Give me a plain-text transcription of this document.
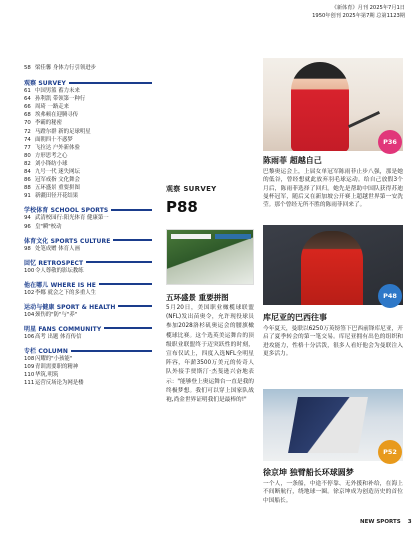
《新体育》月刊 2025年7月1日
1950年创刊 2025年第7期 总第1123期
58 梁佳馨 身体力行引领进步
观察 SURVEY
61 中国男篮 蓄力未来
64 孙利凯 带领第一种行
66 周琦 一路走来
68 埃弗顿在迎腾寻传
70 李霸的秘密
72 马蹬尔群 新的足球明星
74 面朝四十不惑梦
77 飞拉达 户外新体验
80 方形思考之心
82 刘小锋纺小球
84 九号一代 迷失网坛
86 冠军戒指 文化舞会
88 五环盛景 重要拼图
91 新疆田径开花结果
学校体育 SCHOOL SPORTS
94 武清校园行:阳光体育 健康第一
96 皇"瞬"校动
体育文化 SPORTS CULTURE
98 处笔成赠 体育人画
回忆 RETROSPECT
100令人尊敬的影坛教练
他在哪儿 WHERE IS HE
102李娜 就会之下的多重人生
运动与健康 SPORT & HEALTH
104颈伤的"防"与"养"
明星 FANS COMMUNITY
106高考 出题 体育传信
专栏 COLUMN
108闪耀的"小孩能"
109青训需要职的精神
110华筑,明筑
111运营反场论为网是楼
观察 SURVEY
P88
五环盛景 重要拼图
5月20日，美国职业橄榄球联盟(NFL)发出苗奥令，允许现役球员参加2028洛杉矶奥运会的腰旗橄榄球比赛。这个选英美运舞台的顶级职业联盟终于迈突跃性的时刻，宣布仅试上，四度入选NFL全明星阵容，年薪3500万美元的传奇人队外接手贾斯汀·杰斐逊兴奋地表示："能够登上奥运舞台一直是我的终极梦想。我们可以穿上国家队战袍,尚金世界证明我们是最棒的!"
P36
陈雨菲 超越自己
巴黎奥运会上，上届女单冠军陈雨菲止步八强，那是她的低谷，曾经想就此放弃羽毛球运动。给自己放假3个月后，陈雨菲选择了回归。她先是帮助中国队获得苏迪曼杯冠军，随后又在新加坡公开赛上超越世界第一安洗莹。那个曾经无所不胜的陈雨菲回来了。
P48
库尼亚的巴西往事
今年夏天，曼联以6250万英镑签下巴西前锋库尼亚，开启了夏季转会的第一笔交易。库尼亚拥有出色的组织和进攻能力，性格十分活泼，很多人看好他会为曼联注入更多活力。
P52
徐京坤 独臂船长环球圆梦
一个人，一条船，中途不停靠、无外援和补给，在海上不间断航行，绕地球一圈。徐京坤成为创造历史的首位中国船长。
NEW SPORTS 3
